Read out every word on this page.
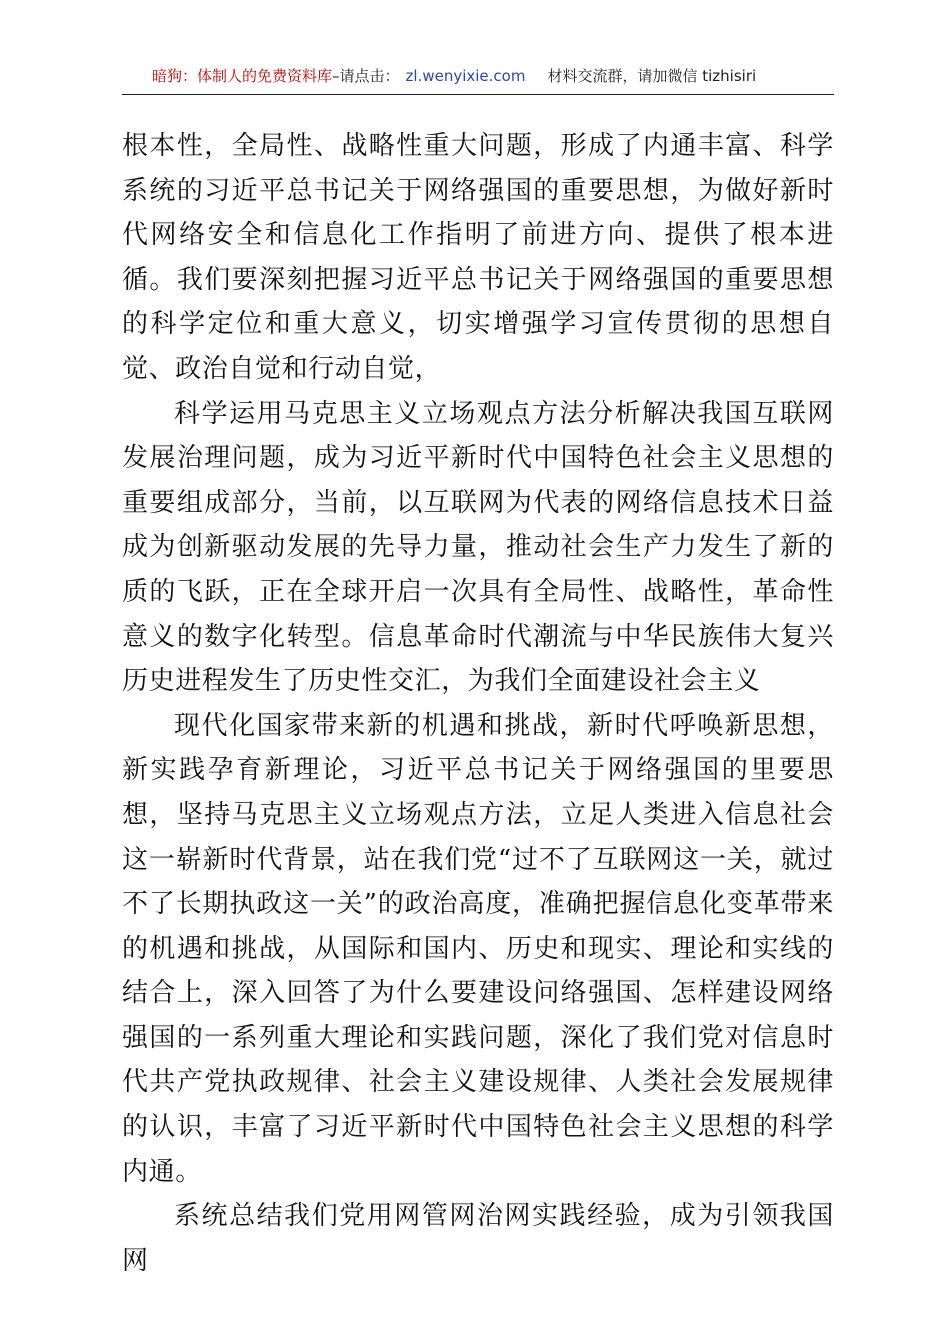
暗狗：体制人的免费资料库–请点击： zl.wenyixie.com 材料交流群，请加微信 tizhisiri

根本性，全局性、战略性重大问题，形成了内通丰富、科学系统的习近平总书记关于网络强国的重要思想，为做好新时代网络安全和信息化工作指明了前进方向、提供了根本进循。我们要深刻把握习近平总书记关于网络强国的重要思想的科学定位和重大意义，切实增强学习宣传贯彻的思想自觉、政治自觉和行动自觉，

科学运用马克思主义立场观点方法分析解决我国互联网发展治理问题，成为习近平新时代中国特色社会主义思想的重要组成部分，当前，以互联网为代表的网络信息技术日益成为创新驱动发展的先导力量，推动社会生产力发生了新的质的飞跃，正在全球开启一次具有全局性、战略性，革命性意义的数字化转型。信息革命时代潮流与中华民族伟大复兴历史进程发生了历史性交汇，为我们全面建设社会主义

现代化国家带来新的机遇和挑战，新时代呼唤新思想，新实践孕育新理论，习近平总书记关于网络强国的里要思想，坚持马克思主义立场观点方法，立足人类进入信息社会这一崭新时代背景，站在我们党“过不了互联网这一关，就过不了长期执政这一关”的政治高度，准确把握信息化变革带来的机遇和挑战，从国际和国内、历史和现实、理论和实线的结合上，深入回答了为什么要建设问络强国、怎样建设网络强国的一系列重大理论和实践问题，深化了我们党对信息时代共产党执政规律、社会主义建设规律、人类社会发展规律的认识，丰富了习近平新时代中国特色社会主义思想的科学内通。

系统总结我们党用网管网治网实践经验，成为引领我国网
